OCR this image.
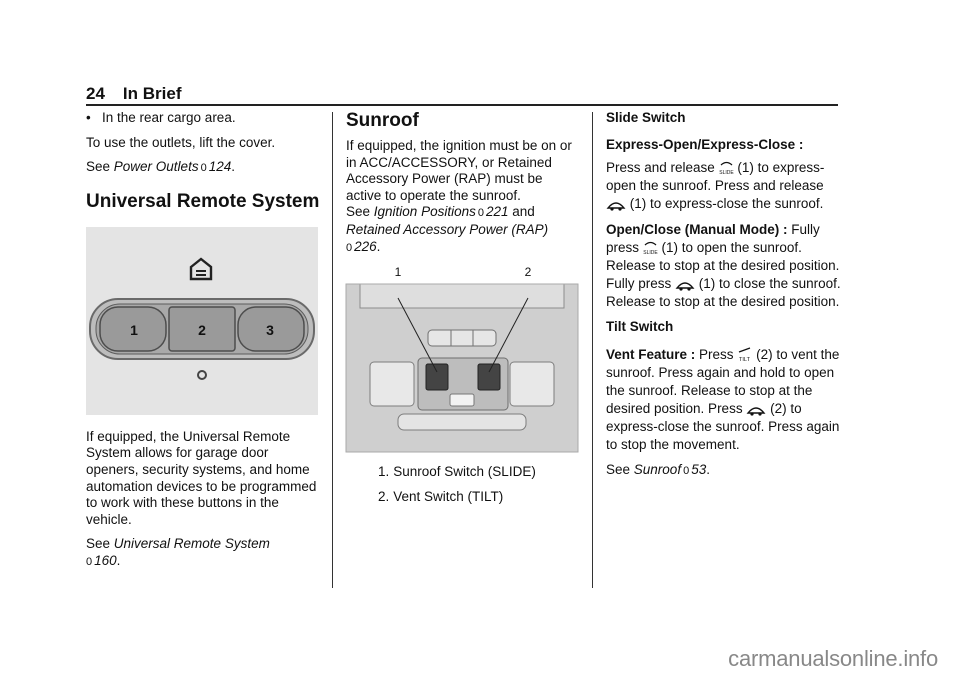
24 In Brief

• In the rear cargo area.

To use the outlets, lift the cover.

See Power Outlets 0 124.

Universal Remote System
1	2	3

If equipped, the Universal Remote System allows for garage door openers, security systems, and home automation devices to be programmed to work with these buttons in the vehicle.

See Universal Remote System
0 160.

Sunroof

If equipped, the ignition must be on or in ACC/ACCESSORY, or Retained Accessory Power (RAP) must be active to operate the sunroof.

See Ignition Positions 0 221 and Retained Accessory Power (RAP)
0 226.

1	2

1. Sunroof Switch (SLIDE)

2. Vent Switch (TILT)

Slide Switch

Express-Open/Express-Close :

Press and release SLIDE (1) to express-open the sunroof. Press and release  (1) to express-close the sunroof.

Open/Close (Manual Mode) : Fully press SLIDE (1) to open the sunroof. Release to stop at the desired position. Fully press (1) to close the sunroof. Release to stop at the desired position.

Tilt Switch

Vent Feature : Press TILT (2) to vent the sunroof. Press again and hold to open the sunroof. Release to stop at the desired position. Press (2) to express-close the sunroof. Press again to stop the movement.

See Sunroof 0 53.

carmanualsonline.info
